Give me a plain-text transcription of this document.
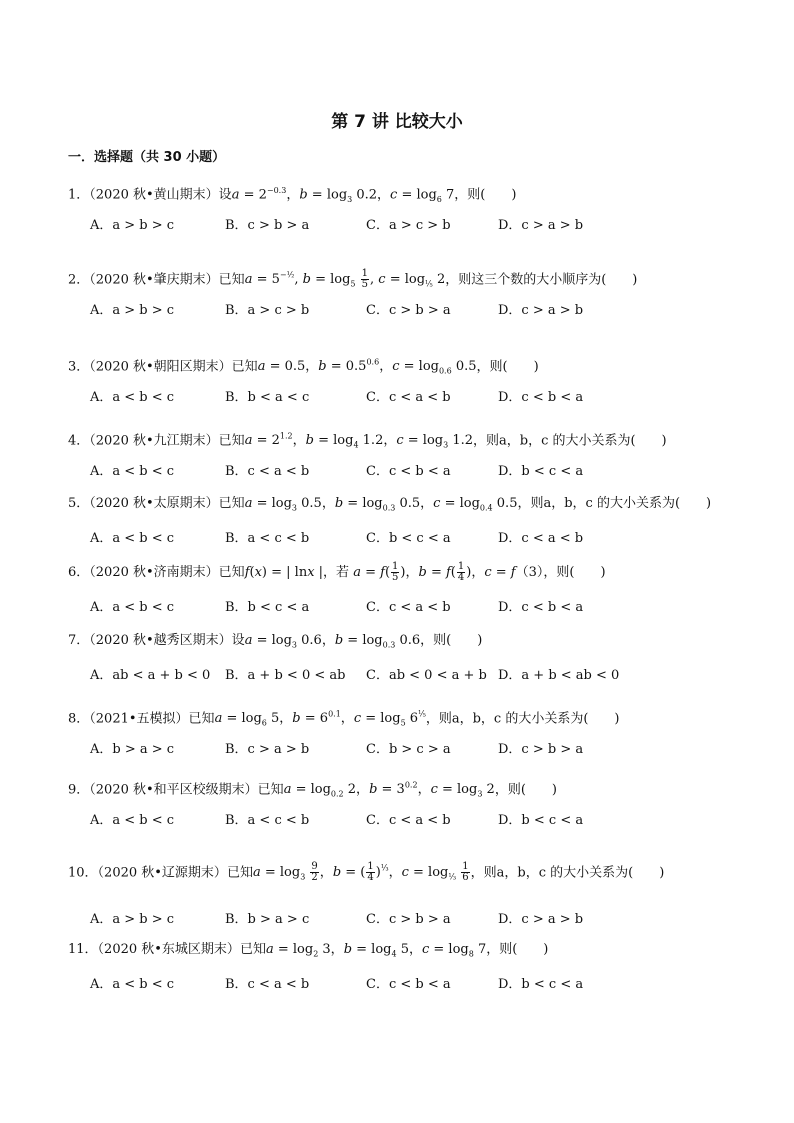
第 7 讲 比较大小
一．选择题（共 30 小题）
1．（2020 秋•黄山期末）设$a = 2^{-0.3}$，$b = \log_3 0.2$，$c = \log_6 7$，则(　　)
A．a > b > c	B．c > b > a	C．a > c > b	D．c > a > b
2．（2020 秋•肇庆期末）已知$a = 5^{-\frac{1}{2}}$, $b = \log_5 \frac{1}{5}$ , $c = \log_{\frac{1}{5}} 2$，则这三个数的大小顺序为(　　)
A．a > b > c	B．a > c > b	C．c > b > a	D．c > a > b
3．（2020 秋•朝阳区期末）已知a = 0.5，$b = 0.5^{0.6}$，$c = \log_{0.6} 0.5$，则(　　)
A．a < b < c	B．b < a < c	C．c < a < b	D．c < b < a
4．（2020 秋•九江期末）已知$a = 2^{1.2}$，$b = \log_4 1.2$，$c = \log_3 1.2$，则a，b，c 的大小关系为(　　)
A．a < b < c	B．c < a < b	C．c < b < a	D．b < c < a
5．（2020 秋•太原期末）已知$a = \log_3 0.5$，$b = \log_{0.3} 0.5$，$c = \log_{0.4} 0.5$，则a，b，c 的大小关系为(　　)
A．a < b < c	B．a < c < b	C．b < c < a	D．c < a < b
6．（2020 秋•济南期末）已知f(x) = | lnx |，若 $a = f( \frac{1}{5}$ )，$b = f( \frac{1}{4}$ )，c = f（3），则(　　)
A．a < b < c	B．b < c < a	C．c < a < b	D．c < b < a
7．（2020 秋•越秀区期末）设$a = \log_3 0.6$，$b = \log_{0.3} 0.6$，则(　　)
A．ab < a + b < 0 B．a + b < 0 < ab C．ab < 0 < a + b D．a + b < ab < 0
8．（2021•五模拟）已知$a = \log_6 5$，$b = 6^{0.1}$，$c = \log_5 6^{\frac{1}{5}}$，则a，b，c 的大小关系为(　　)
A．b > a > c	B．c > a > b	C．b > c > a	D．c > b > a
9．（2020 秋•和平区校级期末）已知$a = \log_{0.2} 2$，$b = 3^{0.2}$，$c = \log_3 2$，则(　　)
A．a < b < c	B．a < c < b	C．c < a < b	D．b < c < a
10．（2020 秋•辽源期末）已知$a = \log_3 \frac{9}{2}$ ，b = ( $\frac{1}{4} )^{\frac{1}{3}}$，$c = \log_{\frac{1}{3}} \frac{1}{6}$ ，则a，b，c 的大小关系为(　　)
A．a > b > c	B．b > a > c	C．c > b > a	D．c > a > b
11．（2020 秋•东城区期末）已知$a = \log_2 3$，$b = \log_4 5$，$c = \log_8 7$，则(　　)
A．a < b < c	B．c < a < b	C．c < b < a	D．b < c < a
